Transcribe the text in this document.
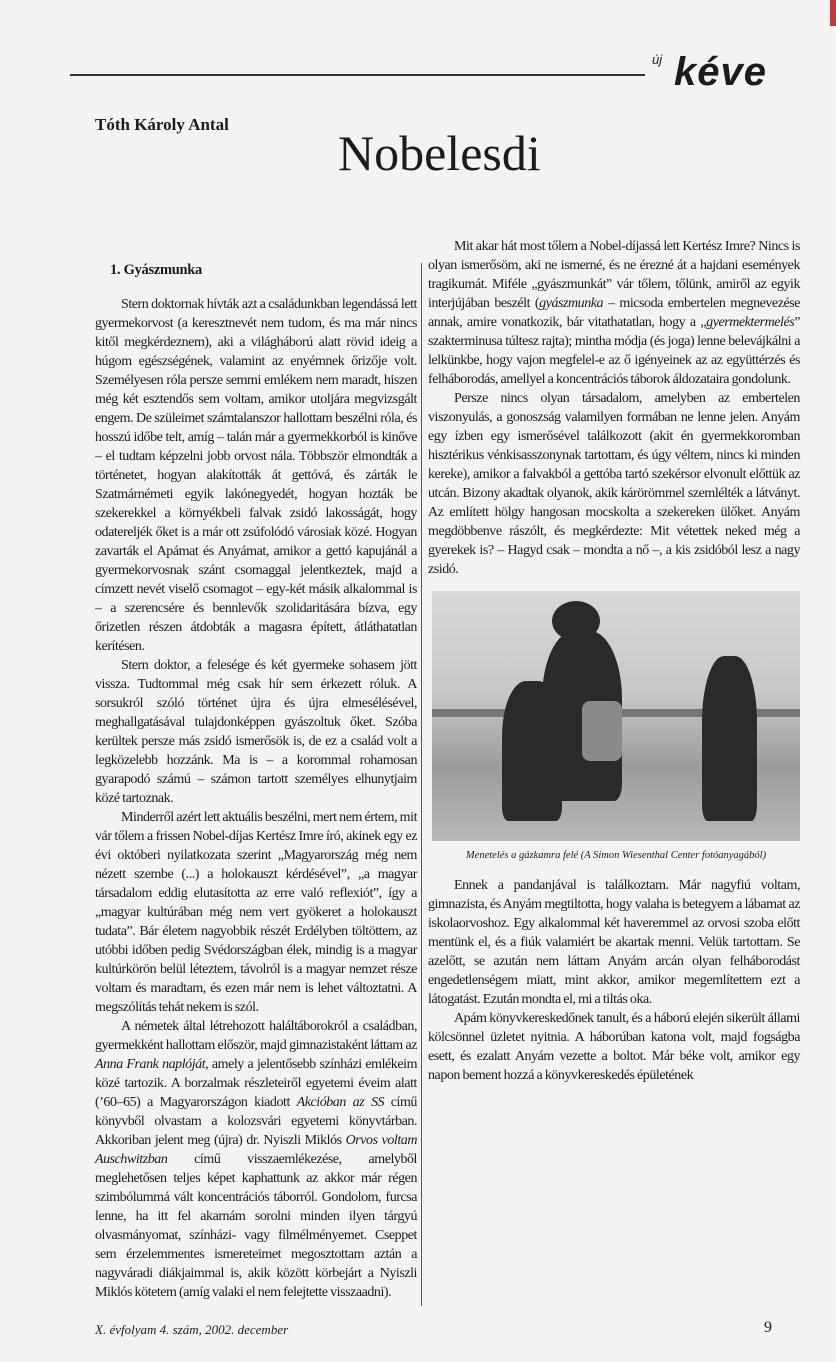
új kéve
Tóth Károly Antal
Nobelesdi
1. Gyászmunka

Stern doktornak hívták azt a családunkban legendássá lett gyermekorvost (a keresztnevét nem tudom, és ma már nincs kitől megkérdeznem), aki a világháború alatt rövid ideig a húgom egészségének, valamint az enyémnek őrizője volt. Személyesen róla persze semmi emlékem nem maradt, hiszen még két esztendős sem voltam, amikor utoljára megvizsgált engem. De szüleimet számtalanszor hallottam beszélni róla, és hosszú időbe telt, amíg – talán már a gyermekkorból is kinőve – el tudtam képzelni jobb orvost nála. Többször elmondták a történetet, hogyan alakították át gettóvá, és zárták le Szatmárnémeti egyik lakónegyedét, hogyan hozták be szekerekkel a környékbeli falvak zsidó lakosságát, hogy odatereljék őket is a már ott zsúfolódó városiak közé. Hogyan zavarták el Apámat és Anyámat, amikor a gettó kapujánál a gyermekorvosnak szánt csomaggal jelentkeztek, majd a címzett nevét viselő csomagot – egy-két másik alkalommal is – a szerencsére és bennlevők szolidaritására bízva, egy őrizetlen részen átdobták a magasra épített, átláthatatlan kerítésen.

Stern doktor, a felesége és két gyermeke sohasem jött vissza. Tudtommal még csak hír sem érkezett róluk. A sorsukról szóló történet újra és újra elmesélésével, meghallgatásával tulajdonképpen gyászoltuk őket. Szóba kerültek persze más zsidó ismerősök is, de ez a család volt a legközelebb hozzánk. Ma is – a korommal rohamosan gyarapodó számú – számon tartott személyes elhunytjaim közé tartoznak.

Minderről azért lett aktuális beszélni, mert nem értem, mit vár tőlem a frissen Nobel-díjas Kertész Imre író, akinek egy ez évi októberi nyilatkozata szerint „Magyarország még nem nézett szembe (...) a holokauszt kérdésével”, „a magyar társadalom eddig elutasította az erre való reflexiót”, így a „magyar kultúrában még nem vert gyökeret a holokauszt tudata”. Bár életem nagyobbik részét Erdélyben töltöttem, az utóbbi időben pedig Svédországban élek, mindig is a magyar kultúrkörön belül léteztem, távolról is a magyar nemzet része voltam és maradtam, és ezen már nem is lehet változtatni. A megszólítás tehát nekem is szól.

A németek által létrehozott haláltáborokról a családban, gyermekként hallottam először, majd gimnazistaként láttam az Anna Frank naplóját, amely a jelentősebb színházi emlékeim közé tartozik. A borzalmak részleteiről egyetemi éveim alatt (’60–65) a Magyarországon kiadott Akcióban az SS című könyvből olvastam a kolozsvári egyetemi könyvtárban. Akkoriban jelent meg (újra) dr. Nyiszli Miklós Orvos voltam Auschwitzban című visszaemlékezése, amelyből meglehetősen teljes képet kaphattunk az akkor már régen szimbólummá vált koncentrációs táborról. Gondolom, furcsa lenne, ha itt fel akarnám sorolni minden ilyen tárgyú olvasmányomat, színházi- vagy filmélményemet. Cseppet sem érzelemmentes ismereteimet megosztottam aztán a nagyváradi diákjaimmal is, akik között körbejárt a Nyiszli Miklós kötetem (amíg valaki el nem felejtette visszaadni).

Mit akar hát most tőlem a Nobel-díjassá lett Kertész Imre? Nincs is olyan ismerősöm, aki ne ismerné, és ne érezné át a hajdani események tragikumát. Miféle „gyászmunkát” vár tőlem, tőlünk, amiről az egyik interjújában beszélt (gyászmunka – micsoda embertelen megnevezése annak, amire vonatkozik, bár vitathatatlan, hogy a „gyermektermelés” szakterminusa túltesz rajta); mintha módja (és joga) lenne belevájkálni a lelkünkbe, hogy vajon megfelel-e az ő igényeinek az az együttérzés és felháborodás, amellyel a koncentrációs táborok áldozataira gondolunk.

Persze nincs olyan társadalom, amelyben az embertelen viszonyulás, a gonoszság valamilyen formában ne lenne jelen. Anyám egy ízben egy ismerősével találkozott (akit én gyermekkoromban hisztérikus vénkisasszonynak tartottam, és úgy véltem, nincs ki minden kereke), amikor a falvakból a gettóba tartó szekérsor elvonult előttük az utcán. Bizony akadtak olyanok, akik kárörömmel szemlélték a látványt. Az említett hölgy hangosan mocskolta a szekereken ülőket. Anyám megdöbbenve rászólt, és megkérdezte: Mit vétettek neked még a gyerekek is? – Hagyd csak – mondta a nő –, a kis zsidóból lesz a nagy zsidó.

Menetelés a gázkamra felé (A Simon Wiesenthal Center fotóanyagából)

Ennek a pandanjával is találkoztam. Már nagyfiú voltam, gimnazista, és Anyám megtiltotta, hogy valaha is betegyem a lábamat az iskolaorvoshoz. Egy alkalommal két haveremmel az orvosi szoba előtt mentünk el, és a fiúk valamiért be akartak menni. Velük tartottam. Se azelőtt, se azután nem láttam Anyám arcán olyan felháborodást engedetlenségem miatt, mint akkor, amikor megemlítettem ezt a látogatást. Ezután mondta el, mi a tiltás oka.

Apám könyvkereskedőnek tanult, és a háború elején sikerült állami kölcsönnel üzletet nyitnia. A háborúban katona volt, majd fogságba esett, és ezalatt Anyám vezette a boltot. Már béke volt, amikor egy napon bement hozzá a könyvkereskedés épületének

X. évfolyam 4. szám, 2002. december	9
